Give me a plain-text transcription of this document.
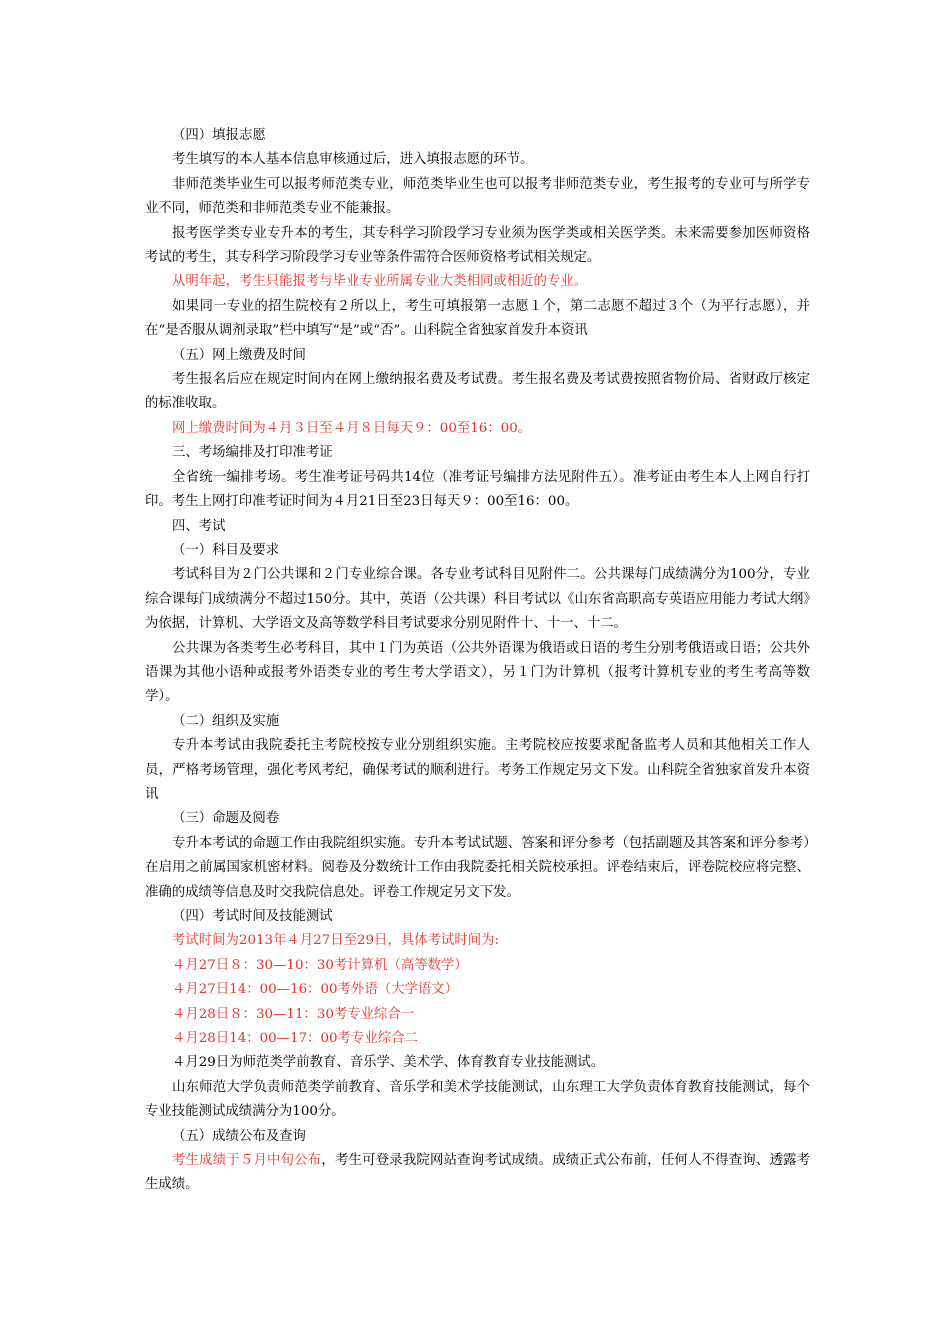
（四）填报志愿

考生填写的本人基本信息审核通过后，进入填报志愿的环节。

非师范类毕业生可以报考师范类专业，师范类毕业生也可以报考非师范类专业，考生报考的专业可与所学专业不同，师范类和非师范类专业不能兼报。

报考医学类专业专升本的考生，其专科学习阶段学习专业须为医学类或相关医学类。未来需要参加医师资格考试的考生，其专科学习阶段学习专业等条件需符合医师资格考试相关规定。

从明年起，考生只能报考与毕业专业所属专业大类相同或相近的专业。

如果同一专业的招生院校有２所以上，考生可填报第一志愿１个，第二志愿不超过３个（为平行志愿），并在“是否服从调剂录取”栏中填写“是”或“否”。山科院全省独家首发升本资讯

（五）网上缴费及时间

考生报名后应在规定时间内在网上缴纳报名费及考试费。考生报名费及考试费按照省物价局、省财政厅核定的标准收取。

网上缴费时间为４月３日至４月８日每天９：00至16：00。

三、考场编排及打印准考证

全省统一编排考场。考生准考证号码共14位（准考证号编排方法见附件五）。准考证由考生本人上网自行打印。考生上网打印准考证时间为４月21日至23日每天９：00至16：00。

四、考试

（一）科目及要求

考试科目为２门公共课和２门专业综合课。各专业考试科目见附件二。公共课每门成绩满分为100分，专业综合课每门成绩满分不超过150分。其中，英语（公共课）科目考试以《山东省高职高专英语应用能力考试大纲》为依据，计算机、大学语文及高等数学科目考试要求分别见附件十、十一、十二。

公共课为各类考生必考科目，其中１门为英语（公共外语课为俄语或日语的考生分别考俄语或日语；公共外语课为其他小语种或报考外语类专业的考生考大学语文），另１门为计算机（报考计算机专业的考生考高等数学）。

（二）组织及实施

专升本考试由我院委托主考院校按专业分别组织实施。主考院校应按要求配备监考人员和其他相关工作人员，严格考场管理，强化考风考纪，确保考试的顺利进行。考务工作规定另文下发。山科院全省独家首发升本资讯

（三）命题及阅卷

专升本考试的命题工作由我院组织实施。专升本考试试题、答案和评分参考（包括副题及其答案和评分参考）在启用之前属国家机密材料。阅卷及分数统计工作由我院委托相关院校承担。评卷结束后，评卷院校应将完整、准确的成绩等信息及时交我院信息处。评卷工作规定另文下发。

（四）考试时间及技能测试

考试时间为2013年４月27日至29日，具体考试时间为:

４月27日８：30—10：30考计算机（高等数学）

４月27日14：00—16：00考外语（大学语文）

４月28日８：30—11：30考专业综合一

４月28日14：00—17：00考专业综合二

４月29日为师范类学前教育、音乐学、美术学、体育教育专业技能测试。

山东师范大学负责师范类学前教育、音乐学和美术学技能测试，山东理工大学负责体育教育技能测试，每个专业技能测试成绩满分为100分。

（五）成绩公布及查询

考生成绩于５月中旬公布，考生可登录我院网站查询考试成绩。成绩正式公布前，任何人不得查询、透露考生成绩。
